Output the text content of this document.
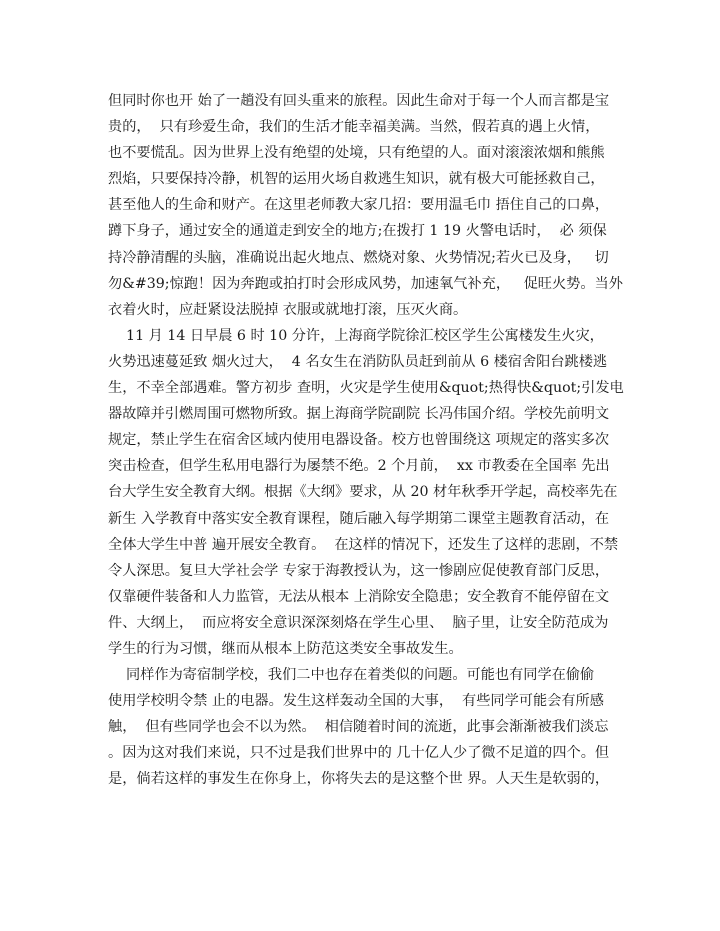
但同时你也开 始了一趟没有回头重来的旅程。因此生命对于每一个人而言都是宝
贵的，  只有珍爱生命，我们的生活才能幸福美满。当然，假若真的遇上火情，
也不要慌乱。因为世界上没有绝望的处境，只有绝望的人。面对滚滚浓烟和熊熊
烈焰，只要保持冷静，机智的运用火场自救逃生知识，就有极大可能拯救自己，
甚至他人的生命和财产。在这里老师教大家几招：要用温毛巾 捂住自己的口鼻，
蹲下身子，通过安全的通道走到安全的地方;在拨打 1 19 火警电话时，  必 须保
持冷静清醒的头脑，准确说出起火地点、燃烧对象、火势情况;若火已及身，   切
勿&#39;惊跑！因为奔跑或拍打时会形成风势，加速氧气补充，   促旺火势。当外
衣着火时，应赶紧设法脱掉 衣服或就地打滚，压灭火商。
11 月 14 日早晨 6 时 10 分许，上海商学院徐汇校区学生公寓楼发生火灾，
火势迅速蔓延致 烟火过大，  4 名女生在消防队员赶到前从 6 楼宿舍阳台跳楼逃
生，不幸全部遇难。警方初步 查明，火灾是学生使用&quot;热得快&quot;引发电
器故障并引燃周围可燃物所致。据上海商学院副院 长冯伟国介绍。学校先前明文
规定，禁止学生在宿舍区域内使用电器设备。校方也曾围绕这 项规定的落实多次
突击检查，但学生私用电器行为屡禁不绝。2 个月前，  xx 市教委在全国率 先出
台大学生安全教育大纲。根据《大纲》要求，从 20 材年秋季开学起，高校率先在
新生 入学教育中落实安全教育课程，随后融入每学期第二课堂主题教育活动，在
全体大学生中普 遍开展安全教育。  在这样的情况下，还发生了这样的悲剧，不禁
令人深思。复旦大学社会学 专家于海教授认为，这一惨剧应促使教育部门反思，
仅靠硬件装备和人力监管，无法从根本 上消除安全隐患；安全教育不能停留在文
件、大纲上，  而应将安全意识深深刻烙在学生心里、  脑子里，让安全防范成为
学生的行为习惯，继而从根本上防范这类安全事故发生。
同样作为寄宿制学校，我们二中也存在着类似的问题。可能也有同学在偷偷
使用学校明令禁 止的电器。发生这样轰动全国的大事，  有些同学可能会有所感
触，  但有些同学也会不以为然。  相信随着时间的流逝，此事会渐渐被我们淡忘
。因为这对我们来说，只不过是我们世界中的 几十亿人少了微不足道的四个。但
是，倘若这样的事发生在你身上，你将失去的是这整个世 界。人天生是软弱的，
